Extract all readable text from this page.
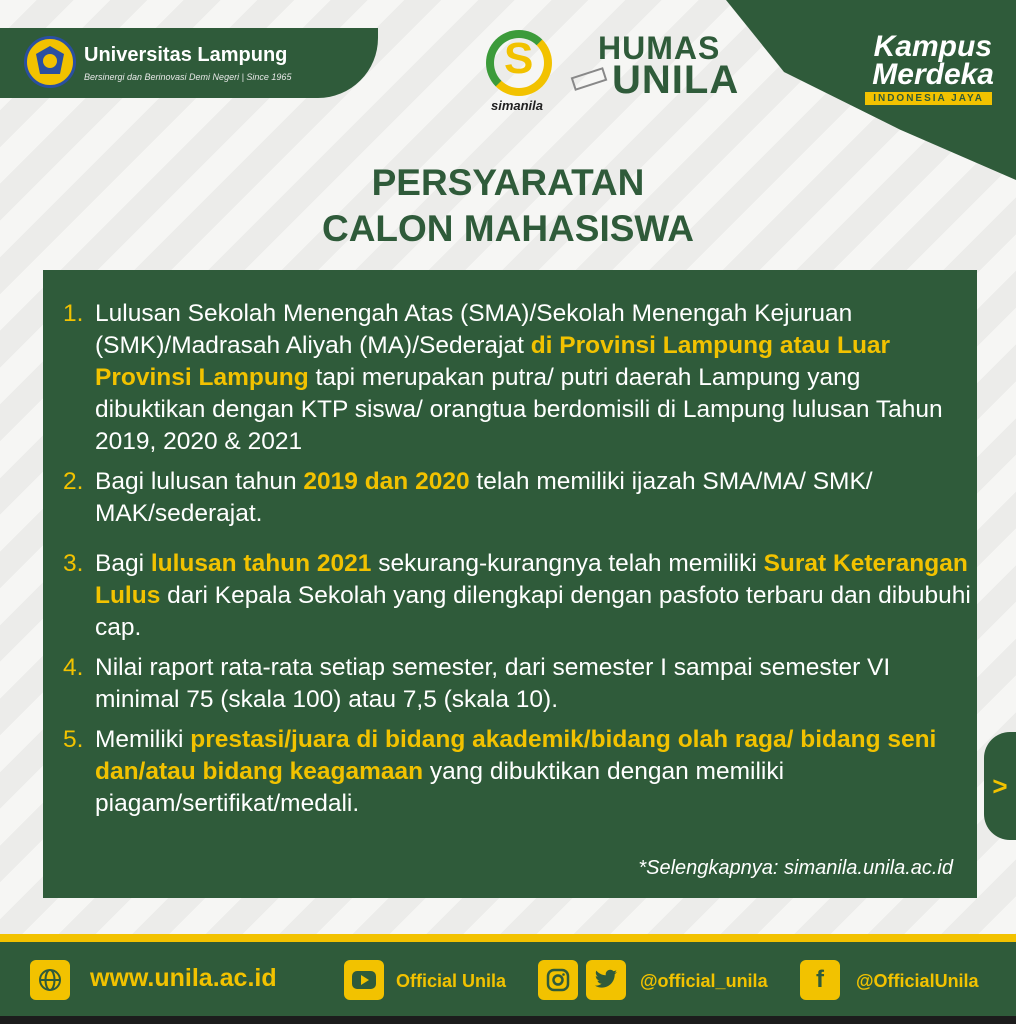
Universitas Lampung
Bersinergi dan Berinovasi Demi Negeri | Since 1965	S
simanila
HUMAS
UNILA
Kampus
Merdeka
INDONESIA JAYA
PERSYARATAN
CALON MAHASISWA
1. Lulusan Sekolah Menengah Atas (SMA)/Sekolah Menengah Kejuruan (SMK)/Madrasah Aliyah (MA)/Sederajat di Provinsi Lampung atau Luar Provinsi Lampung tapi merupakan putra/ putri daerah Lampung yang dibuktikan dengan KTP siswa/ orangtua berdomisili di Lampung lulusan Tahun 2019, 2020 & 2021
2. Bagi lulusan tahun 2019 dan 2020 telah memiliki ijazah SMA/MA/ SMK/ MAK/sederajat.
3. Bagi lulusan tahun 2021 sekurang-kurangnya telah memiliki Surat Keterangan Lulus dari Kepala Sekolah yang dilengkapi dengan pasfoto terbaru dan dibubuhi cap.
4. Nilai raport rata-rata setiap semester, dari semester I sampai semester VI minimal 75 (skala 100) atau 7,5 (skala 10).
5. Memiliki prestasi/juara di bidang akademik/bidang olah raga/ bidang seni dan/atau bidang keagamaan yang dibuktikan dengan memiliki piagam/sertifikat/medali.
*Selengkapnya: simanila.unila.ac.id
>
www.unila.ac.id	Official Unila	@official_unila f @OfficialUnila
